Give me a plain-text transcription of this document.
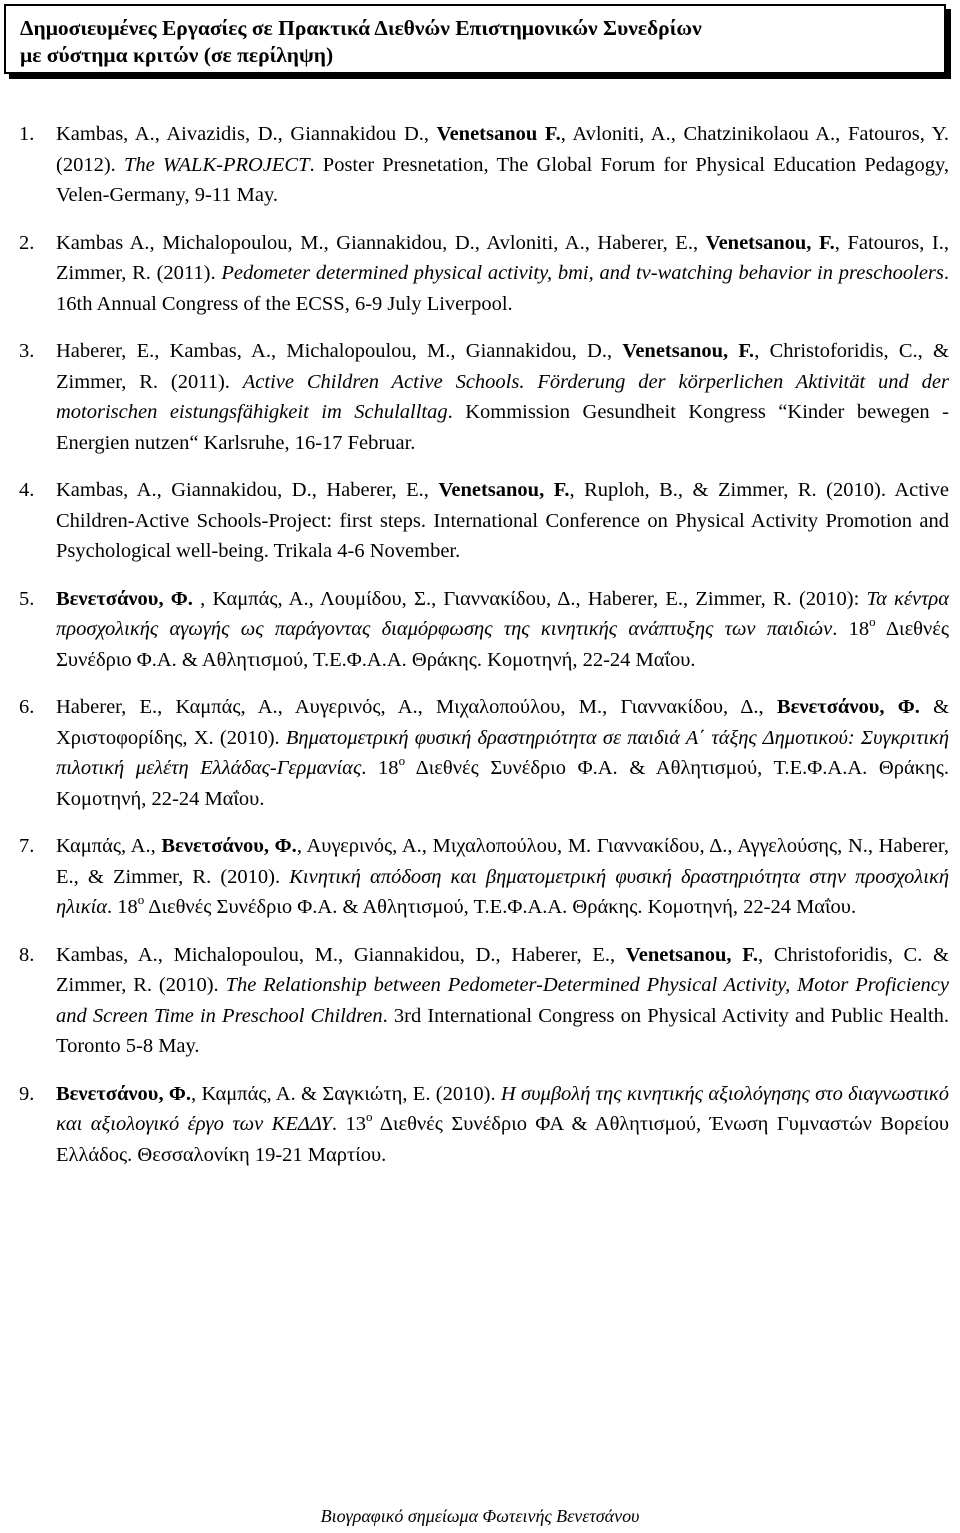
Δημοσιευμένες Εργασίες σε Πρακτικά Διεθνών Επιστημονικών Συνεδρίων
με σύστημα κριτών (σε περίληψη)
1. Kambas, A., Aivazidis, D., Giannakidou D., Venetsanou F., Avloniti, A., Chatzinikolaou A., Fatouros, Y. (2012). The WALK-PROJECT. Poster Presnetation, The Global Forum for Physical Education Pedagogy, Velen-Germany, 9-11 May.
2. Kambas A., Michalopoulou, M., Giannakidou, D., Avloniti, A., Haberer, E., Venetsanou, F., Fatouros, I., Zimmer, R. (2011). Pedometer determined physical activity, bmi, and tv-watching behavior in preschoolers. 16th Annual Congress of the ECSS, 6-9 July Liverpool.
3. Haberer, E., Kambas, A., Michalopoulou, M., Giannakidou, D., Venetsanou, F., Christoforidis, C., & Zimmer, R. (2011). Active Children Active Schools. Förderung der körperlichen Aktivität und der motorischen eistungsfähigkeit im Schulalltag. Kommission Gesundheit Kongress “Kinder bewegen - Energien nutzen“ Karlsruhe, 16-17 Februar.
4. Kambas, A., Giannakidou, D., Haberer, E., Venetsanou, F., Ruploh, B., & Zimmer, R. (2010). Active Children-Active Schools-Project: first steps. International Conference on Physical Activity Promotion and Psychological well-being. Trikala 4-6 November.
5. Βενετσάνου, Φ. , Καμπάς, Α., Λουμίδου, Σ., Γιαννακίδου, Δ., Haberer, E., Zimmer, R. (2010): Τα κέντρα προσχολικής αγωγής ως παράγοντας διαμόρφωσης της κινητικής ανάπτυξης των παιδιών. $18^o$ Διεθνές Συνέδριο Φ.Α. & Αθλητισμού, Τ.Ε.Φ.Α.Α. Θράκης. Κομοτηνή, 22-24 Μαΐου.
6. Haberer, E., Καμπάς, Α., Αυγερινός, Α., Μιχαλοπούλου, Μ., Γιαννακίδου, Δ., Βενετσάνου, Φ. & Χριστοφορίδης, Χ. (2010). Βηματομετρική φυσική δραστηριότητα σε παιδιά Α΄ τάξης Δημοτικού: Συγκριτική πιλοτική μελέτη Ελλάδας-Γερμανίας. $18^o$ Διεθνές Συνέδριο Φ.Α. & Αθλητισμού, Τ.Ε.Φ.Α.Α. Θράκης. Κομοτηνή, 22-24 Μαΐου.
7. Καμπάς, Α., Βενετσάνου, Φ., Αυγερινός, Α., Μιχαλοπούλου, Μ. Γιαννακίδου, Δ., Αγγελούσης, Ν., Haberer, E., & Zimmer, R. (2010). Κινητική απόδοση και βηματομετρική φυσική δραστηριότητα στην προσχολική ηλικία. $18^o$ Διεθνές Συνέδριο Φ.Α. & Αθλητισμού, Τ.Ε.Φ.Α.Α. Θράκης. Κομοτηνή, 22-24 Μαΐου.
8. Kambas, A., Michalopoulou, M., Giannakidou, D., Haberer, E., Venetsanou, F., Christoforidis, C. & Zimmer, R. (2010). The Relationship between Pedometer-Determined Physical Activity, Motor Proficiency and Screen Time in Preschool Children. 3rd International Congress on Physical Activity and Public Health. Toronto 5-8 May.
9. Βενετσάνου, Φ., Καμπάς, Α. & Σαγκιώτη, Ε. (2010). Η συμβολή της κινητικής αξιολόγησης στο διαγνωστικό και αξιολογικό έργο των ΚΕΔΔΥ. $13^o$ Διεθνές Συνέδριο ΦΑ & Αθλητισμού, Ένωση Γυμναστών Βορείου Ελλάδος. Θεσσαλονίκη 19-21 Μαρτίου.
Βιογραφικό σημείωμα Φωτεινής Βενετσάνου
